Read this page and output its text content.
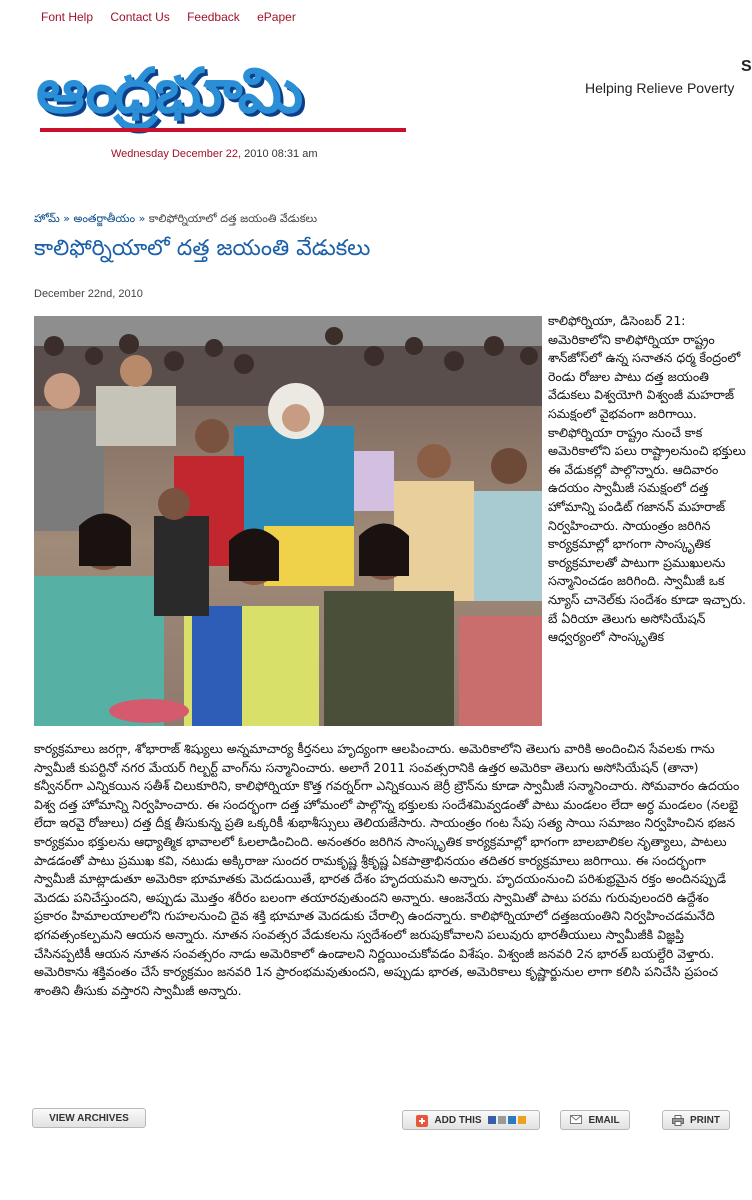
Font Help Contact Us Feedback ePaper
ఆంధ్రభూమి	S
Helping Relieve Poverty
Wednesday December 22, 2010 08:31 am
హోమ్ » అంతర్జాతీయం » కాలిఫోర్నియాలో దత్త జయంతి వేడుకలు
కాలిఫోర్నియాలో దత్త జయంతి వేడుకలు
December 22nd, 2010
కాలిఫోర్నియా, డిసెంబర్ 21: అమెరికాలోని కాలిఫోర్నియా రాష్ట్రం శాన్‌జోస్‌లో ఉన్న సనాతన ధర్మ కేంద్రంలో రెండు రోజుల పాటు దత్త జయంతి వేడుకలు విశ్వయోగి విశ్వంజీ మహరాజ్ సమక్షంలో వైభవంగా జరిగాయి. కాలిఫోర్నియా రాష్ట్రం నుంచే కాక అమెరికాలోని పలు రాష్ట్రాలనుంచి భక్తులు ఈ వేడుకల్లో పాల్గొన్నారు. ఆదివారం ఉదయం స్వామీజీ సమక్షంలో దత్త హోమాన్ని పండిట్ గజానన్ మహరాజ్ నిర్వహించారు. సాయంత్రం జరిగిన కార్యక్రమాల్లో భాగంగా సాంస్కృతిక కార్యక్రమాలతో పాటుగా ప్రముఖులను సన్మానించడం జరిగింది. స్వామీజీ ఒక న్యూస్ చానెల్‌కు సందేశం కూడా ఇచ్చారు. బే ఏరియా తెలుగు అసోసియేషన్ ఆధ్వర్యంలో సాంస్కృతిక
కార్యక్రమాలు జరగ్గా, శోభారాజ్ శిష్యులు అన్నమాచార్య కీర్తనలు హృద్యంగా ఆలపించారు. అమెరికాలోని తెలుగు వారికి అందించిన సేవలకు గాను స్వామీజీ కుపర్టినో నగర మేయర్ గిల్బర్ట్ వాంగ్‌ను సన్మానించారు. అలాగే 2011 సంవత్సరానికి ఉత్తర అమెరికా తెలుగు అసోసియేషన్ (తానా) కన్వీనర్‌గా ఎన్నికయిన సతీశ్ చిలుకూరిని, కాలిఫోర్నియా కొత్త గవర్నర్‌గా ఎన్నికయిన జెర్రీ బ్రౌన్‌ను కూడా స్వామీజీ సన్మానించారు. సోమవారం ఉదయం విశ్వ దత్త హోమాన్ని నిర్వహించారు. ఈ సందర్భంగా దత్త హోమంలో పాల్గొన్న భక్తులకు సందేశమివ్వడంతో పాటు మండలం లేదా అర్ధ మండలం (నలభై లేదా ఇరవై రోజులు) దత్త దీక్ష తీసుకున్న ప్రతి ఒక్కరికీ శుభాశీస్సులు తెలియజేసారు. సాయంత్రం గంట సేపు సత్య సాయి సమాజం నిర్వహించిన భజన కార్యక్రమం భక్తులను ఆధ్యాత్మిక భావాలలో ఓలలాడించింది. అనంతరం జరిగిన సాంస్కృతిక కార్యక్రమాల్లో భాగంగా బాలబాలికల నృత్యాలు, పాటలు పాడడంతో పాటు ప్రముఖ కవి, నటుడు అక్కిరాజు సుందర రామకృష్ణ శ్రీకృష్ణ ఏకపాత్రాభినయం తదితర కార్యక్రమాలు జరిగాయి. ఈ సందర్భంగా స్వామీజీ మాట్లాడుతూ అమెరికా భూమాతకు మెదడుయితే, భారత దేశం హృదయమని అన్నారు. హృదయంనుంచి పరిశుభ్రమైన రక్తం అందినప్పుడే మెదడు పనిచేస్తుందని, అప్పుడు మొత్తం శరీరం బలంగా తయారవుతుందని అన్నారు. ఆంజనేయ స్వామితో పాటు పరమ గురువులందరి ఉద్దేశం ప్రకారం హిమాలయాలలోని గుహలనుంచి దైవ శక్తి భూమాత మెదడుకు చేరాల్సి ఉందన్నారు. కాలిఫోర్నియాలో దత్తజయంతిని నిర్వహించడమనేది భగవత్సంకల్పమని ఆయన అన్నారు. నూతన సంవత్సర వేడుకలను స్వదేశంలో జరుపుకోవాలని పలువురు భారతీయులు స్వామీజీకి విజ్ఞప్తి చేసినప్పటికీ ఆయన నూతన సంవత్సరం నాడు అమెరికాలో ఉండాలని నిర్ణయించుకోవడం విశేషం. విశ్వంజీ జనవరి 2న భారత్ బయల్దేరి వెళ్తారు. అమెరికాను శక్తివంతం చేసే కార్యక్రమం జనవరి 1న ప్రారంభమవుతుందని, అప్పుడు భారత, అమెరికాలు కృష్ణార్జునుల లాగా కలిసి పనిచేసి ప్రపంచ శాంతిని తీసుకు వస్తారని స్వామీజీ అన్నారు.
VIEW ARCHIVES	ADD THIS	EMAIL	PRINT
